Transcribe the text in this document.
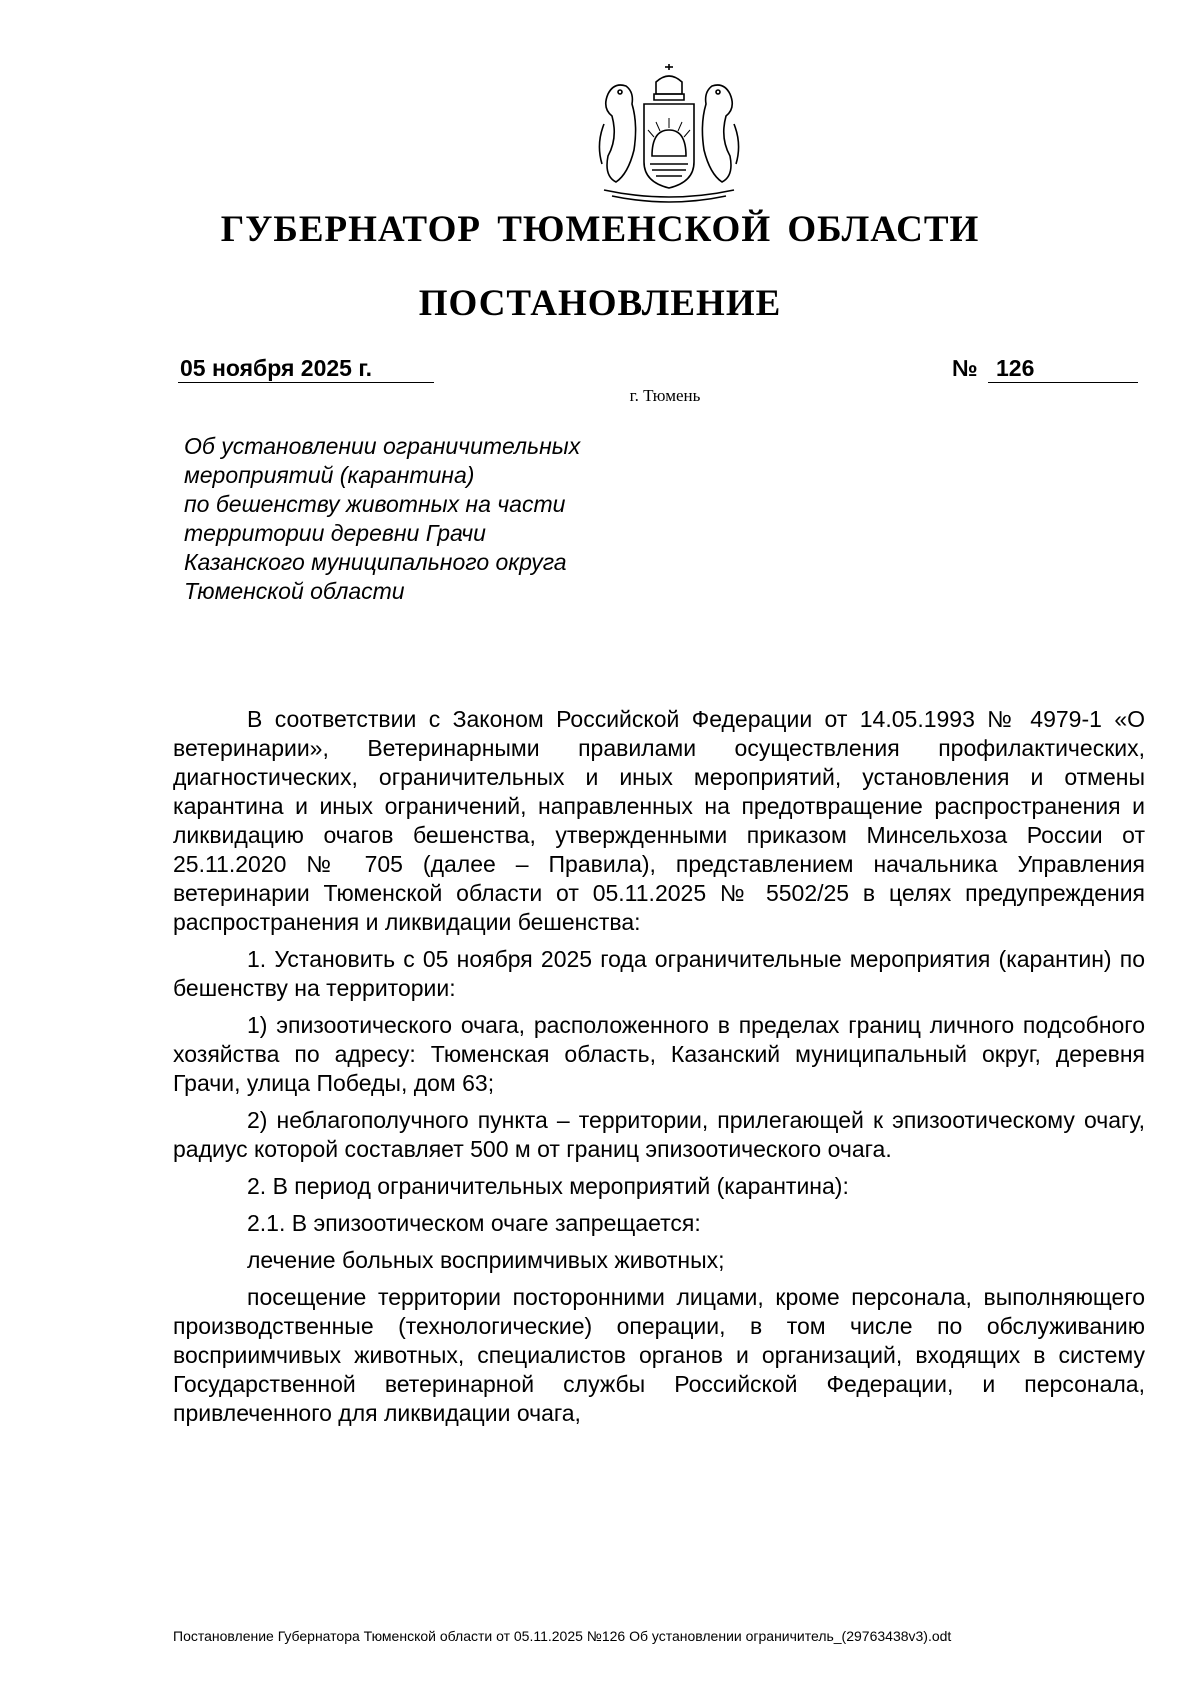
ГУБЕРНАТОР ТЮМЕНСКОЙ ОБЛАСТИ
ПОСТАНОВЛЕНИЕ
05 ноября 2025 г.	№ 126
г. Тюмень
Об установлении ограничительных
мероприятий (карантина)
по бешенству животных на части
территории деревни Грачи
Казанского муниципального округа
Тюменской области

В соответствии с Законом Российской Федерации от 14.05.1993 № 4979-1 «О ветеринарии», Ветеринарными правилами осуществления профилактических, диагностических, ограничительных и иных мероприятий, установления и отмены карантина и иных ограничений, направленных на предотвращение распространения и ликвидацию очагов бешенства, утвержденными приказом Минсельхоза России от 25.11.2020 № 705 (далее – Правила), представлением начальника Управления ветеринарии Тюменской области от 05.11.2025 № 5502/25 в целях предупреждения распространения и ликвидации бешенства:

1. Установить с 05 ноября 2025 года ограничительные мероприятия (карантин) по бешенству на территории:

1) эпизоотического очага, расположенного в пределах границ личного подсобного хозяйства по адресу: Тюменская область, Казанский муниципальный округ, деревня Грачи, улица Победы, дом 63;

2) неблагополучного пункта – территории, прилегающей к эпизоотическому очагу, радиус которой составляет 500 м от границ эпизоотического очага.

2. В период ограничительных мероприятий (карантина):

2.1. В эпизоотическом очаге запрещается:

лечение больных восприимчивых животных;

посещение территории посторонними лицами, кроме персонала, выполняющего производственные (технологические) операции, в том числе по обслуживанию восприимчивых животных, специалистов органов и организаций, входящих в систему Государственной ветеринарной службы Российской Федерации, и персонала, привлеченного для ликвидации очага,

Постановление Губернатора Тюменской области от 05.11.2025 №126 Об установлении ограничитель_(29763438v3).odt
